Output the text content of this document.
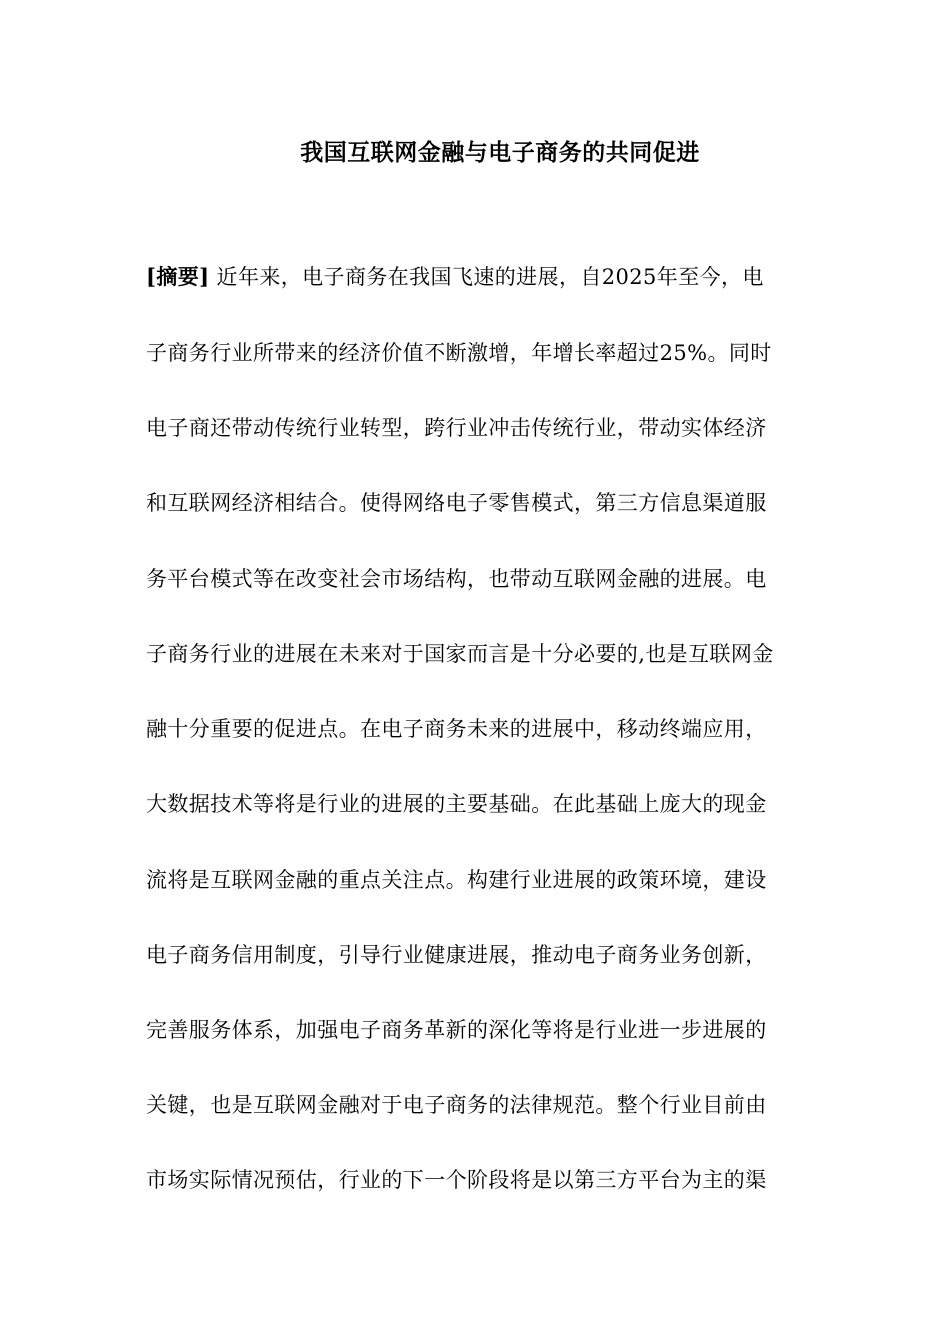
我国互联网金融与电子商务的共同促进
[摘要] 近年来，电子商务在我国飞速的进展，自2025年至今，电
子商务行业所带来的经济价值不断激增，年增长率超过25%。同时
电子商还带动传统行业转型，跨行业冲击传统行业，带动实体经济
和互联网经济相结合。使得网络电子零售模式，第三方信息渠道服
务平台模式等在改变社会市场结构，也带动互联网金融的进展。电
子商务行业的进展在未来对于国家而言是十分必要的,也是互联网金
融十分重要的促进点。在电子商务未来的进展中，移动终端应用，
大数据技术等将是行业的进展的主要基础。在此基础上庞大的现金
流将是互联网金融的重点关注点。构建行业进展的政策环境，建设
电子商务信用制度，引导行业健康进展，推动电子商务业务创新，
完善服务体系，加强电子商务革新的深化等将是行业进一步进展的
关键，也是互联网金融对于电子商务的法律规范。整个行业目前由
市场实际情况预估，行业的下一个阶段将是以第三方平台为主的渠
